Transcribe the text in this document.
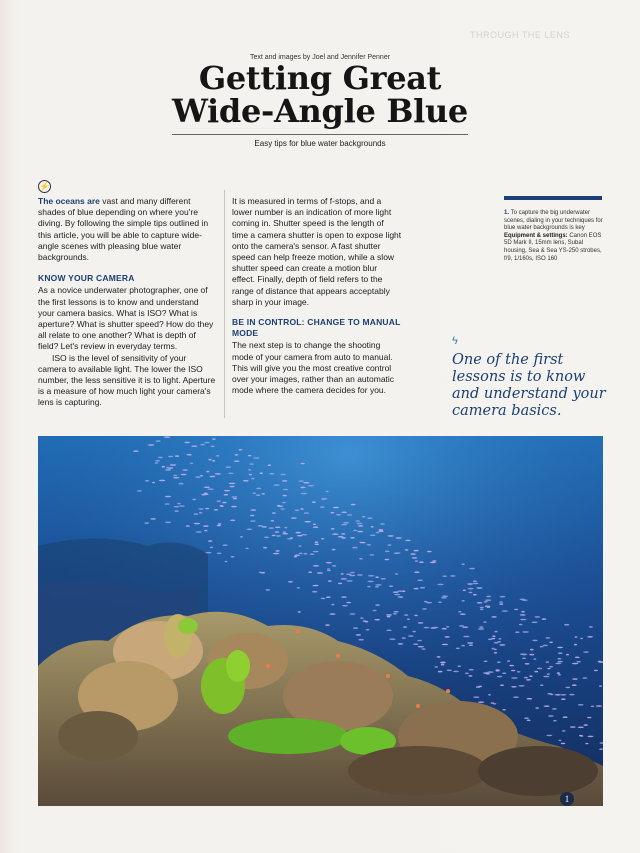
THROUGH THE LENS
Text and images by Joel and Jennifer Penner
Getting Great
Wide-Angle Blue
Easy tips for blue water backgrounds
⚡

The oceans are vast and many different shades of blue depending on where you're diving. By following the simple tips outlined in this article, you will be able to capture wide-angle scenes with pleasing blue water backgrounds.

KNOW YOUR CAMERA

As a novice underwater photographer, one of the first lessons is to know and understand your camera basics. What is ISO? What is aperture? What is shutter speed? How do they all relate to one another? What is depth of field? Let's review in everyday terms.

ISO is the level of sensitivity of your camera to available light. The lower the ISO number, the less sensitive it is to light. Aperture is a measure of how much light your camera's lens is capturing.

It is measured in terms of f-stops, and a lower number is an indication of more light coming in. Shutter speed is the length of time a camera shutter is open to expose light onto the camera's sensor. A fast shutter speed can help freeze motion, while a slow shutter speed can create a motion blur effect. Finally, depth of field refers to the range of distance that appears acceptably sharp in your image.

BE IN CONTROL: CHANGE TO MANUAL MODE

The next step is to change the shooting mode of your camera from auto to manual. This will give you the most creative control over your images, rather than an automatic mode where the camera decides for you.

1. To capture the big underwater scenes, dialing in your techniques for blue water backgrounds is key
Equipment & settings: Canon EOS 5D Mark II, 15mm lens, Subal housing, Sea & Sea YS-250 strobes, f/9, 1/160s, ISO 160
ϟ
One of the first lessons is to know and understand your camera basics.
1
